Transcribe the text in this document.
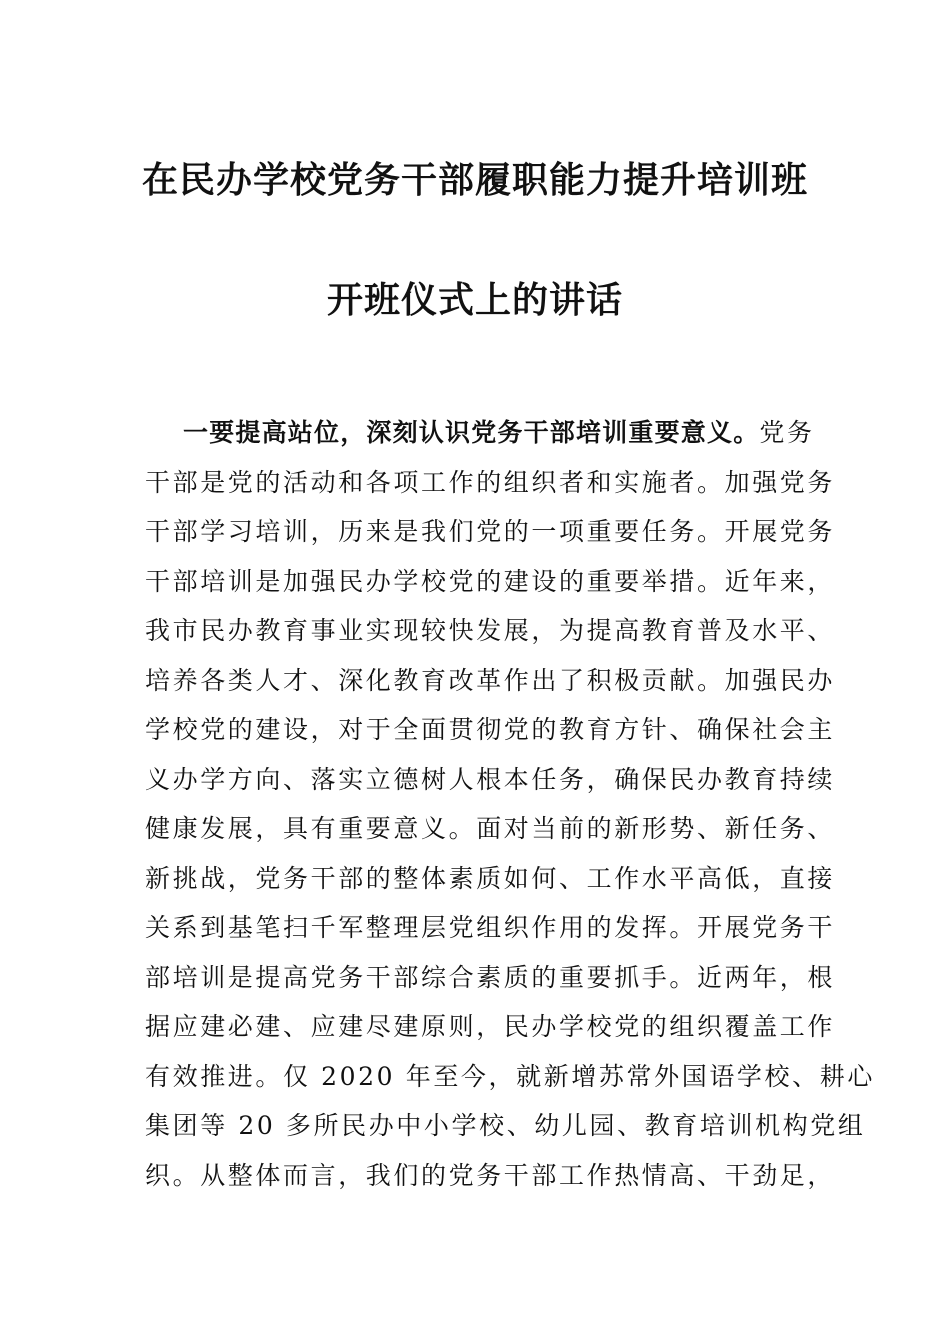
在民办学校党务干部履职能力提升培训班
开班仪式上的讲话
一要提高站位，深刻认识党务干部培训重要意义。党务
干部是党的活动和各项工作的组织者和实施者。加强党务
干部学习培训，历来是我们党的一项重要任务。开展党务
干部培训是加强民办学校党的建设的重要举措。近年来，
我市民办教育事业实现较快发展，为提高教育普及水平、
培养各类人才、深化教育改革作出了积极贡献。加强民办
学校党的建设，对于全面贯彻党的教育方针、确保社会主
义办学方向、落实立德树人根本任务，确保民办教育持续
健康发展，具有重要意义。面对当前的新形势、新任务、
新挑战，党务干部的整体素质如何、工作水平高低，直接
关系到基笔扫千军整理层党组织作用的发挥。开展党务干
部培训是提高党务干部综合素质的重要抓手。近两年，根
据应建必建、应建尽建原则，民办学校党的组织覆盖工作
有效推进。仅 2020 年至今，就新增苏常外国语学校、耕心
集团等 20 多所民办中小学校、幼儿园、教育培训机构党组
织。从整体而言，我们的党务干部工作热情高、干劲足，
